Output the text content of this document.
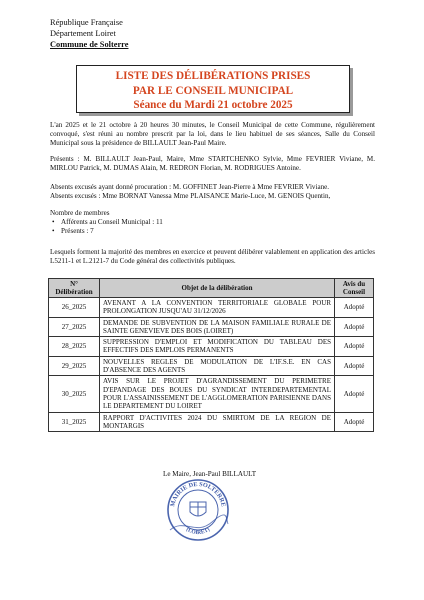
République Française
Département Loiret
Commune de Solterre
LISTE DES DÉLIBÉRATIONS PRISES
PAR LE CONSEIL MUNICIPAL
Séance du Mardi 21 octobre 2025
L'an 2025 et le 21 octobre à 20 heures 30 minutes, le Conseil Municipal de cette Commune, régulièrement convoqué, s'est réuni au nombre prescrit par la loi, dans le lieu habituel de ses séances, Salle du Conseil Municipal sous la présidence de BILLAULT Jean-Paul Maire.
Présents : M. BILLAULT Jean-Paul, Maire, Mme STARTCHENKO Sylvie, Mme FEVRIER Viviane, M. MIRLOU Patrick, M. DUMAS Alain, M. REDRON Florian, M. RODRIGUES Antoine.
Absents excusés ayant donné procuration : M. GOFFINET Jean-Pierre à Mme FEVRIER Viviane.
Absents excusés : Mme BORNAT Vanessa Mme PLAISANCE Marie-Luce, M. GENOIS Quentin,
Nombre de membres
• Afférents au Conseil Municipal : 11
• Présents : 7
Lesquels forment la majorité des membres en exercice et peuvent délibérer valablement en application des articles L5211-1 et L.2121-7 du Code général des collectivités publiques.
N° Délibération	Objet de la délibération	Avis du Conseil
26_2025	AVENANT A LA CONVENTION TERRITORIALE GLOBALE POUR PROLONGATION JUSQU'AU 31/12/2026	Adopté
27_2025	DEMANDE DE SUBVENTION DE LA MAISON FAMILIALE RURALE DE SAINTE GENEVIEVE DES BOIS (LOIRET)	Adopté
28_2025	SUPPRESSION D'EMPLOI ET MODIFICATION DU TABLEAU DES EFFECTIFS DES EMPLOIS PERMANENTS	Adopté
29_2025	NOUVELLES REGLES DE MODULATION DE L'IF.S.E. EN CAS D'ABSENCE DES AGENTS	Adopté
30_2025	AVIS SUR LE PROJET D'AGRANDISSEMENT DU PERIMETRE D'EPANDAGE DES BOUES DU SYNDICAT INTERDEPARTEMENTAL POUR L'ASSAINISSEMENT DE L'AGGLOMERATION PARISIENNE DANS LE DEPARTEMENT DU LOIRET	Adopté
31_2025	RAPPORT D'ACTIVITES 2024 DU SMIRTOM DE LA REGION DE MONTARGIS	Adopté
Le Maire, Jean-Paul BILLAULT
MAIRIE DE SOLTERRE
(LOIRET)
